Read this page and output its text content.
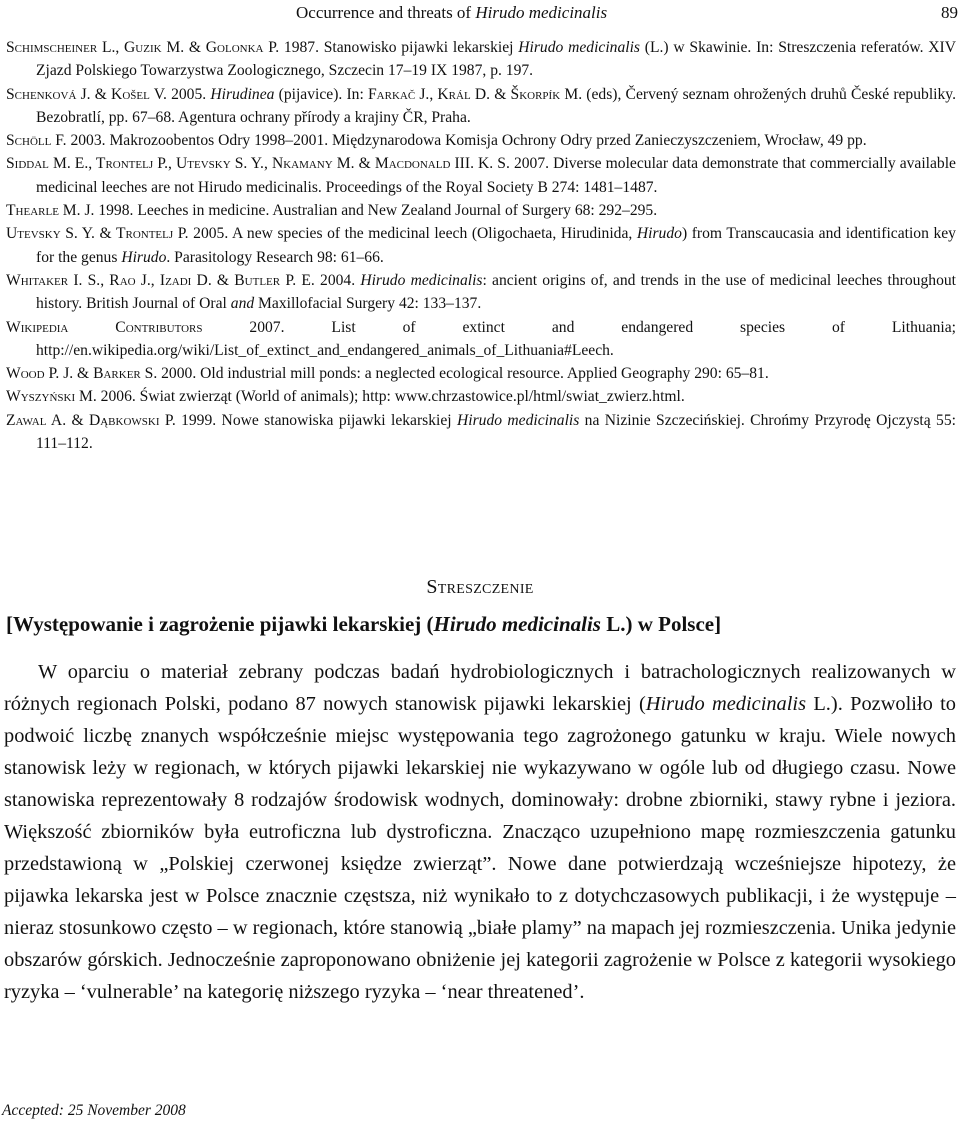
Occurrence and threats of Hirudo medicinalis	89

Schimscheiner L., Guzik M. & Golonka P. 1987. Stanowisko pijawki lekarskiej Hirudo medicinalis (L.) w Skawinie. In: Streszczenia referatów. XIV Zjazd Polskiego Towarzystwa Zoologicznego, Szczecin 17–19 IX 1987, p. 197.

Schenková J. & Košel V. 2005. Hirudinea (pijavice). In: Farkač J., Král D. & Škorpík M. (eds), Červený seznam ohrožených druhů České republiky. Bezobratlí, pp. 67–68. Agentura ochrany přírody a krajiny ČR, Praha.

Schöll F. 2003. Makrozoobentos Odry 1998–2001. Międzynarodowa Komisja Ochrony Odry przed Zanieczyszczeniem, Wrocław, 49 pp.

Siddal M. E., Trontelj P., Utevsky S. Y., Nkamany M. & Macdonald III. K. S. 2007. Diverse molecular data demonstrate that commercially available medicinal leeches are not Hirudo medicinalis. Proceedings of the Royal Society B 274: 1481–1487.

Thearle M. J. 1998. Leeches in medicine. Australian and New Zealand Journal of Surgery 68: 292–295.

Utevsky S. Y. & Trontelj P. 2005. A new species of the medicinal leech (Oligochaeta, Hirudinida, Hirudo) from Transcaucasia and identification key for the genus Hirudo. Parasitology Research 98: 61–66.

Whitaker I. S., Rao J., Izadi D. & Butler P. E. 2004. Hirudo medicinalis: ancient origins of, and trends in the use of medicinal leeches throughout history. British Journal of Oral and Maxillofacial Surgery 42: 133–137.

Wikipedia Contributors 2007. List of extinct and endangered species of Lithuania; http://en.wikipedia.org/wiki/List_of_extinct_and_endangered_animals_of_Lithuania#Leech.

Wood P. J. & Barker S. 2000. Old industrial mill ponds: a neglected ecological resource. Applied Geography 290: 65–81.

Wyszyński M. 2006. Świat zwierząt (World of animals); http: www.chrzastowice.pl/html/swiat_zwierz.html.

Zawal A. & Dąbkowski P. 1999. Nowe stanowiska pijawki lekarskiej Hirudo medicinalis na Nizinie Szczecińskiej. Chrońmy Przyrodę Ojczystą 55: 111–112.

Streszczenie
[Występowanie i zagrożenie pijawki lekarskiej (Hirudo medicinalis L.) w Polsce]

W oparciu o materiał zebrany podczas badań hydrobiologicznych i batrachologicznych realizowanych w różnych regionach Polski, podano 87 nowych stanowisk pijawki lekarskiej (Hirudo medicinalis L.). Pozwoliło to podwoić liczbę znanych współcześnie miejsc występowania tego zagrożonego gatunku w kraju. Wiele nowych stanowisk leży w regionach, w których pijawki lekarskiej nie wykazywano w ogóle lub od długiego czasu. Nowe stanowiska reprezentowały 8 rodzajów środowisk wodnych, dominowały: drobne zbiorniki, stawy rybne i jeziora. Większość zbiorników była eutroficzna lub dystroficzna. Znacząco uzupełniono mapę rozmieszczenia gatunku przedstawioną w „Polskiej czerwonej księdze zwierząt”. Nowe dane potwierdzają wcześniejsze hipotezy, że pijawka lekarska jest w Polsce znacznie częstsza, niż wynikało to z dotychczasowych publikacji, i że występuje – nieraz stosunkowo często – w regionach, które stanowią „białe plamy” na mapach jej rozmieszczenia. Unika jedynie obszarów górskich. Jednocześnie zaproponowano obniżenie jej kategorii zagrożenie w Polsce z kategorii wysokiego ryzyka – ‘vulnerable’ na kategorię niższego ryzyka – ‘near threatened’.

Accepted: 25 November 2008
